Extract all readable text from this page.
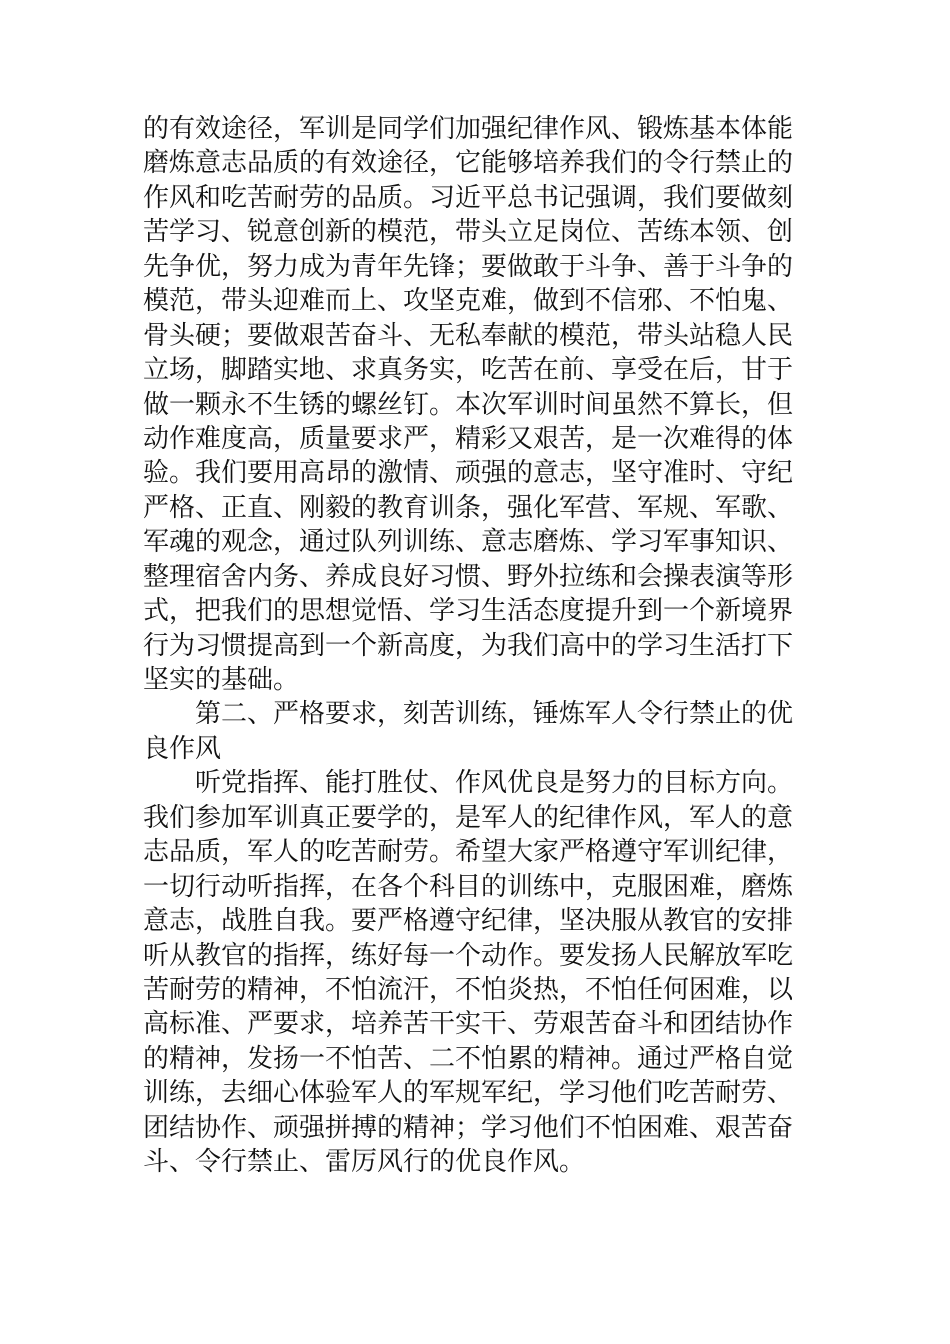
的有效途径，军训是同学们加强纪律作风、锻炼基本体能
磨炼意志品质的有效途径，它能够培养我们的令行禁止的
作风和吃苦耐劳的品质。习近平总书记强调，我们要做刻
苦学习、锐意创新的模范，带头立足岗位、苦练本领、创
先争优，努力成为青年先锋；要做敢于斗争、善于斗争的
模范，带头迎难而上、攻坚克难，做到不信邪、不怕鬼、
骨头硬；要做艰苦奋斗、无私奉献的模范，带头站稳人民
立场，脚踏实地、求真务实，吃苦在前、享受在后，甘于
做一颗永不生锈的螺丝钉。本次军训时间虽然不算长，但
动作难度高，质量要求严，精彩又艰苦，是一次难得的体
验。我们要用高昂的激情、顽强的意志，坚守准时、守纪
严格、正直、刚毅的教育训条，强化军营、军规、军歌、
军魂的观念，通过队列训练、意志磨炼、学习军事知识、
整理宿舍内务、养成良好习惯、野外拉练和会操表演等形
式，把我们的思想觉悟、学习生活态度提升到一个新境界
行为习惯提高到一个新高度，为我们高中的学习生活打下
坚实的基础。
第二、严格要求，刻苦训练，锤炼军人令行禁止的优
良作风
听党指挥、能打胜仗、作风优良是努力的目标方向。
我们参加军训真正要学的，是军人的纪律作风，军人的意
志品质，军人的吃苦耐劳。希望大家严格遵守军训纪律，
一切行动听指挥，在各个科目的训练中，克服困难，磨炼
意志，战胜自我。要严格遵守纪律，坚决服从教官的安排
听从教官的指挥，练好每一个动作。要发扬人民解放军吃
苦耐劳的精神，不怕流汗，不怕炎热，不怕任何困难，以
高标准、严要求，培养苦干实干、劳艰苦奋斗和团结协作
的精神，发扬一不怕苦、二不怕累的精神。通过严格自觉
训练，去细心体验军人的军规军纪，学习他们吃苦耐劳、
团结协作、顽强拼搏的精神；学习他们不怕困难、艰苦奋
斗、令行禁止、雷厉风行的优良作风。
